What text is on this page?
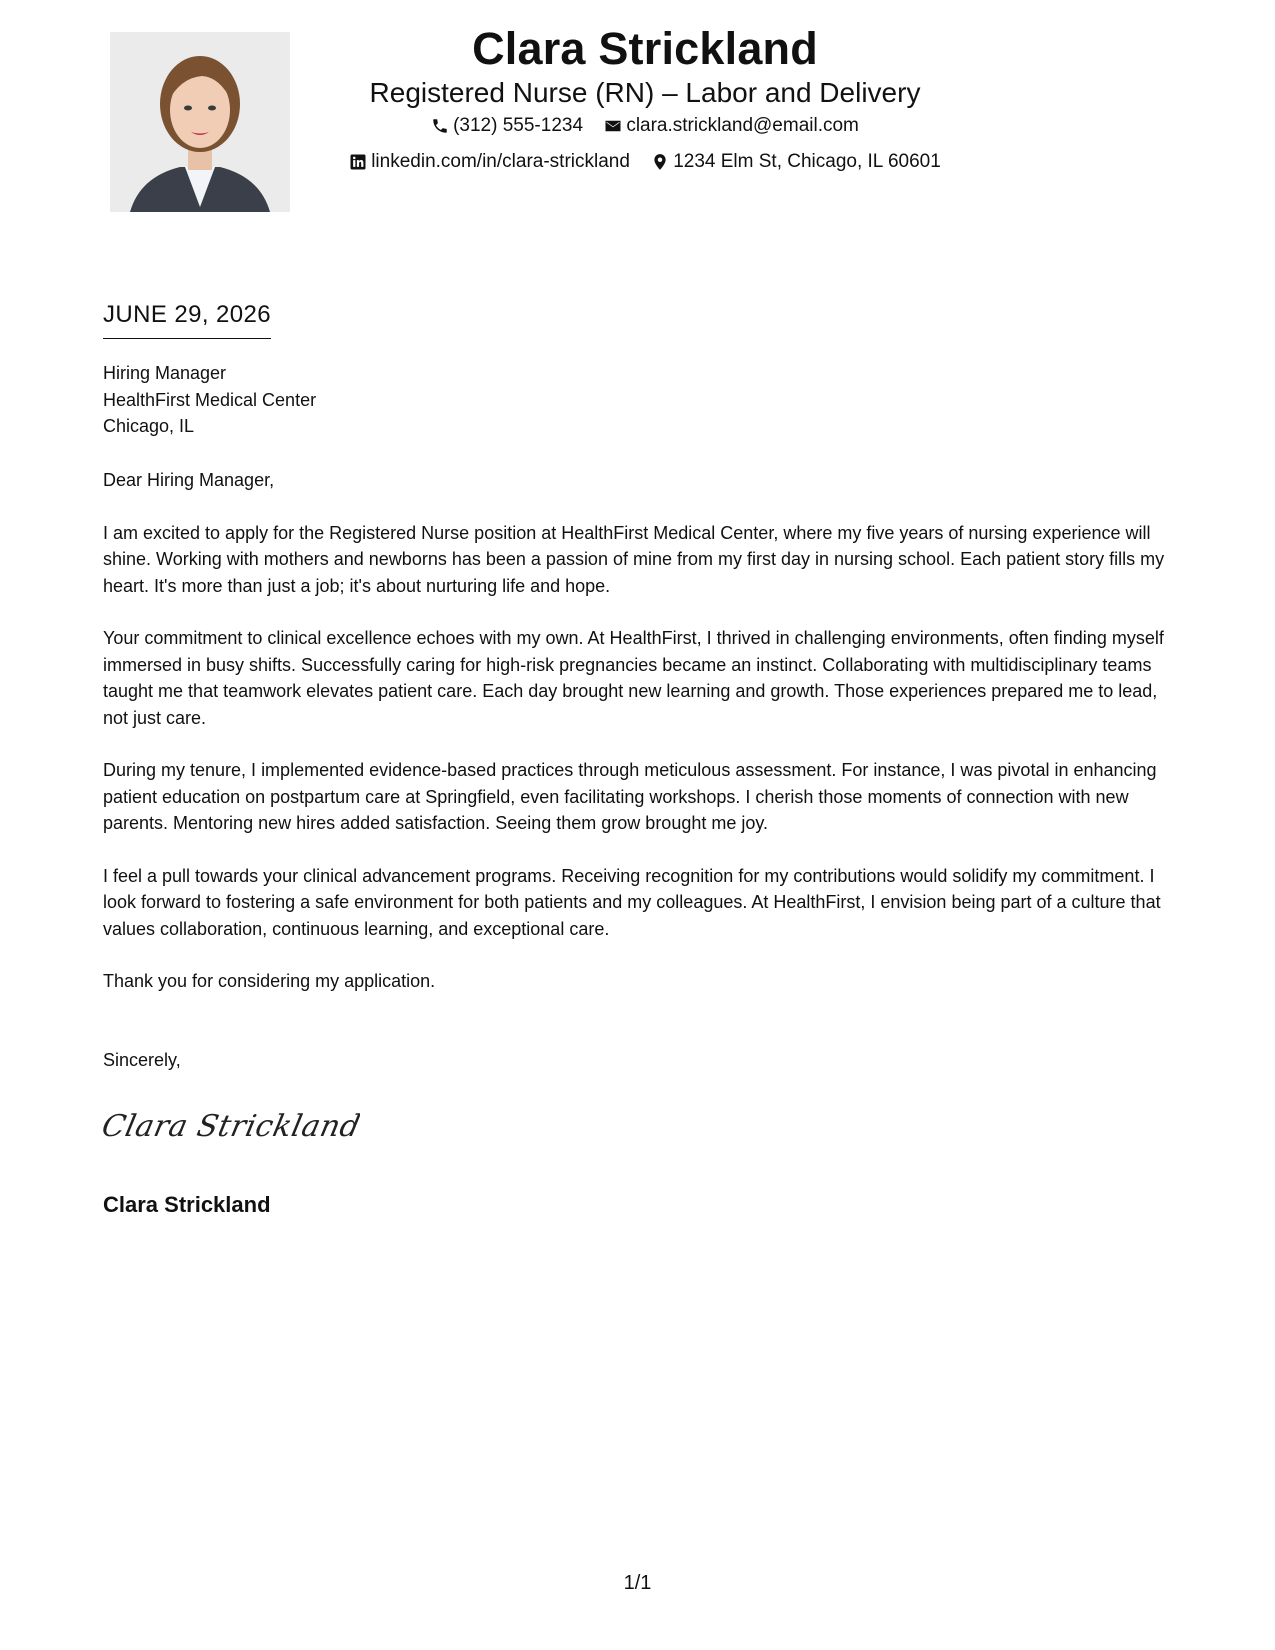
Clara Strickland
Registered Nurse (RN) – Labor and Delivery
(312) 555-1234
clara.strickland@email.com
linkedin.com/in/clara-strickland
1234 Elm St, Chicago, IL 60601
JUNE 29, 2026
Hiring Manager
HealthFirst Medical Center
Chicago, IL

Dear Hiring Manager,

I am excited to apply for the Registered Nurse position at HealthFirst Medical Center, where my five years of nursing experience will shine. Working with mothers and newborns has been a passion of mine from my first day in nursing school. Each patient story fills my heart. It's more than just a job; it's about nurturing life and hope.

Your commitment to clinical excellence echoes with my own. At HealthFirst, I thrived in challenging environments, often finding myself immersed in busy shifts. Successfully caring for high-risk pregnancies became an instinct. Collaborating with multidisciplinary teams taught me that teamwork elevates patient care. Each day brought new learning and growth. Those experiences prepared me to lead, not just care.

During my tenure, I implemented evidence-based practices through meticulous assessment. For instance, I was pivotal in enhancing patient education on postpartum care at Springfield, even facilitating workshops. I cherish those moments of connection with new parents. Mentoring new hires added satisfaction. Seeing them grow brought me joy.

I feel a pull towards your clinical advancement programs. Receiving recognition for my contributions would solidify my commitment. I look forward to fostering a safe environment for both patients and my colleagues. At HealthFirst, I envision being part of a culture that values collaboration, continuous learning, and exceptional care.

Thank you for considering my application.

Sincerely,
Clara Strickland
Clara Strickland
1/1
